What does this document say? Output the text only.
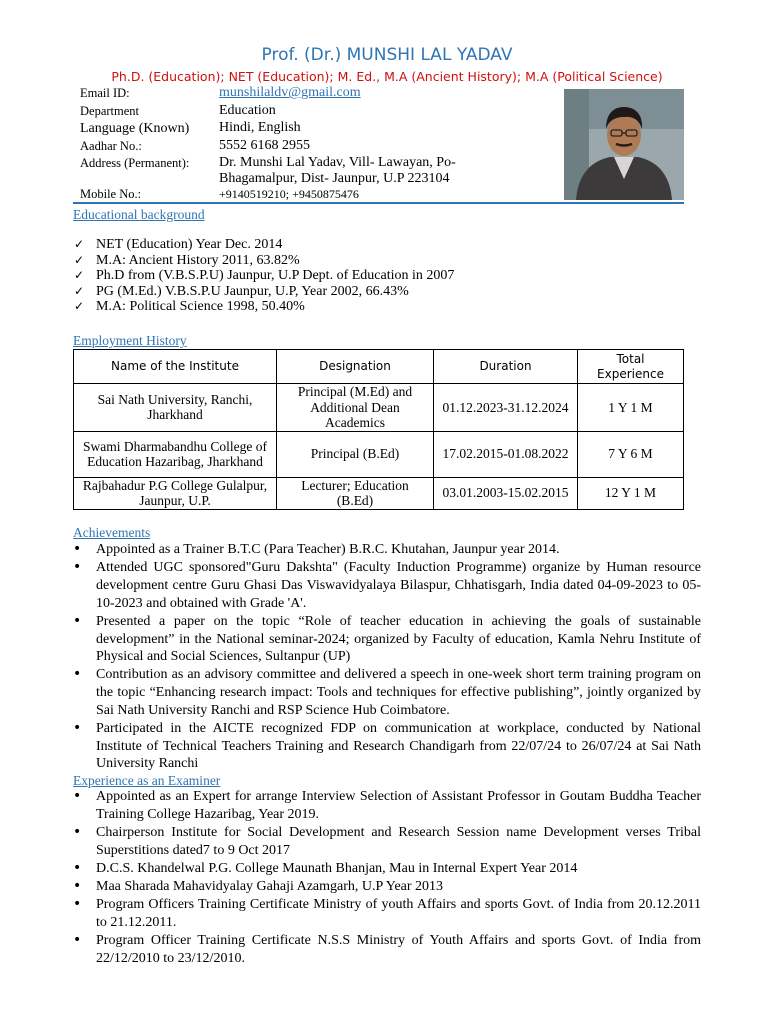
Prof. (Dr.) MUNSHI LAL YADAV
Ph.D. (Education); NET (Education); M. Ed., M.A (Ancient History); M.A (Political Science)
Email ID:	munshilaldv@gmail.com
Department	Education
Language (Known) Hindi, English
Aadhar No.:	5552 6168 2955
Address (Permanent): Dr. Munshi Lal Yadav, Vill- Lawayan, Po-
Bhagamalpur, Dist- Jaunpur, U.P 223104
Mobile No.:	+9140519210; +9450875476
Educational background
✓ NET (Education) Year Dec. 2014
✓ M.A: Ancient History 2011, 63.82%
✓ Ph.D from (V.B.S.P.U) Jaunpur, U.P Dept. of Education in 2007
✓ PG (M.Ed.) V.B.S.P.U Jaunpur, U.P, Year 2002, 66.43%
✓ M.A: Political Science 1998, 50.40%
Employment History
Name of the Institute	Designation	Duration	Total Experience
Sai Nath University, Ranchi, Jharkhand	Principal (M.Ed) and Additional Dean Academics	01.12.2023-31.12.2024	1 Y 1 M
Swami Dharmabandhu College of Education Hazaribag, Jharkhand	Principal (B.Ed)	17.02.2015-01.08.2022	7 Y 6 M
Rajbahadur P.G College Gulalpur, Jaunpur, U.P.	Lecturer; Education (B.Ed)	03.01.2003-15.02.2015	12 Y 1 M
Achievements
• Appointed as a Trainer B.T.C (Para Teacher) B.R.C. Khutahan, Jaunpur year 2014.
• Attended UGC sponsored"Guru Dakshta" (Faculty Induction Programme) organize by Human resource development centre Guru Ghasi Das Viswavidyalaya Bilaspur, Chhatisgarh, India dated 04-09-2023 to 05-10-2023 and obtained with Grade 'A'.
• Presented a paper on the topic “Role of teacher education in achieving the goals of sustainable development” in the National seminar-2024; organized by Faculty of education, Kamla Nehru Institute of Physical and Social Sciences, Sultanpur (UP)
• Contribution as an advisory committee and delivered a speech in one-week short term training program on the topic “Enhancing research impact: Tools and techniques for effective publishing”, jointly organized by Sai Nath University Ranchi and RSP Science Hub Coimbatore.
• Participated in the AICTE recognized FDP on communication at workplace, conducted by National Institute of Technical Teachers Training and Research Chandigarh from 22/07/24 to 26/07/24 at Sai Nath University Ranchi
Experience as an Examiner
• Appointed as an Expert for arrange Interview Selection of Assistant Professor in Goutam Buddha Teacher Training College Hazaribag, Year 2019.
• Chairperson Institute for Social Development and Research Session name Development verses Tribal Superstitions dated7 to 9 Oct 2017
• D.C.S. Khandelwal P.G. College Maunath Bhanjan, Mau in Internal Expert Year 2014
• Maa Sharada Mahavidyalay Gahaji Azamgarh, U.P Year 2013
• Program Officers Training Certificate Ministry of youth Affairs and sports Govt. of India from 20.12.2011 to 21.12.2011.
• Program Officer Training Certificate N.S.S Ministry of Youth Affairs and sports Govt. of India from 22/12/2010 to 23/12/2010.
